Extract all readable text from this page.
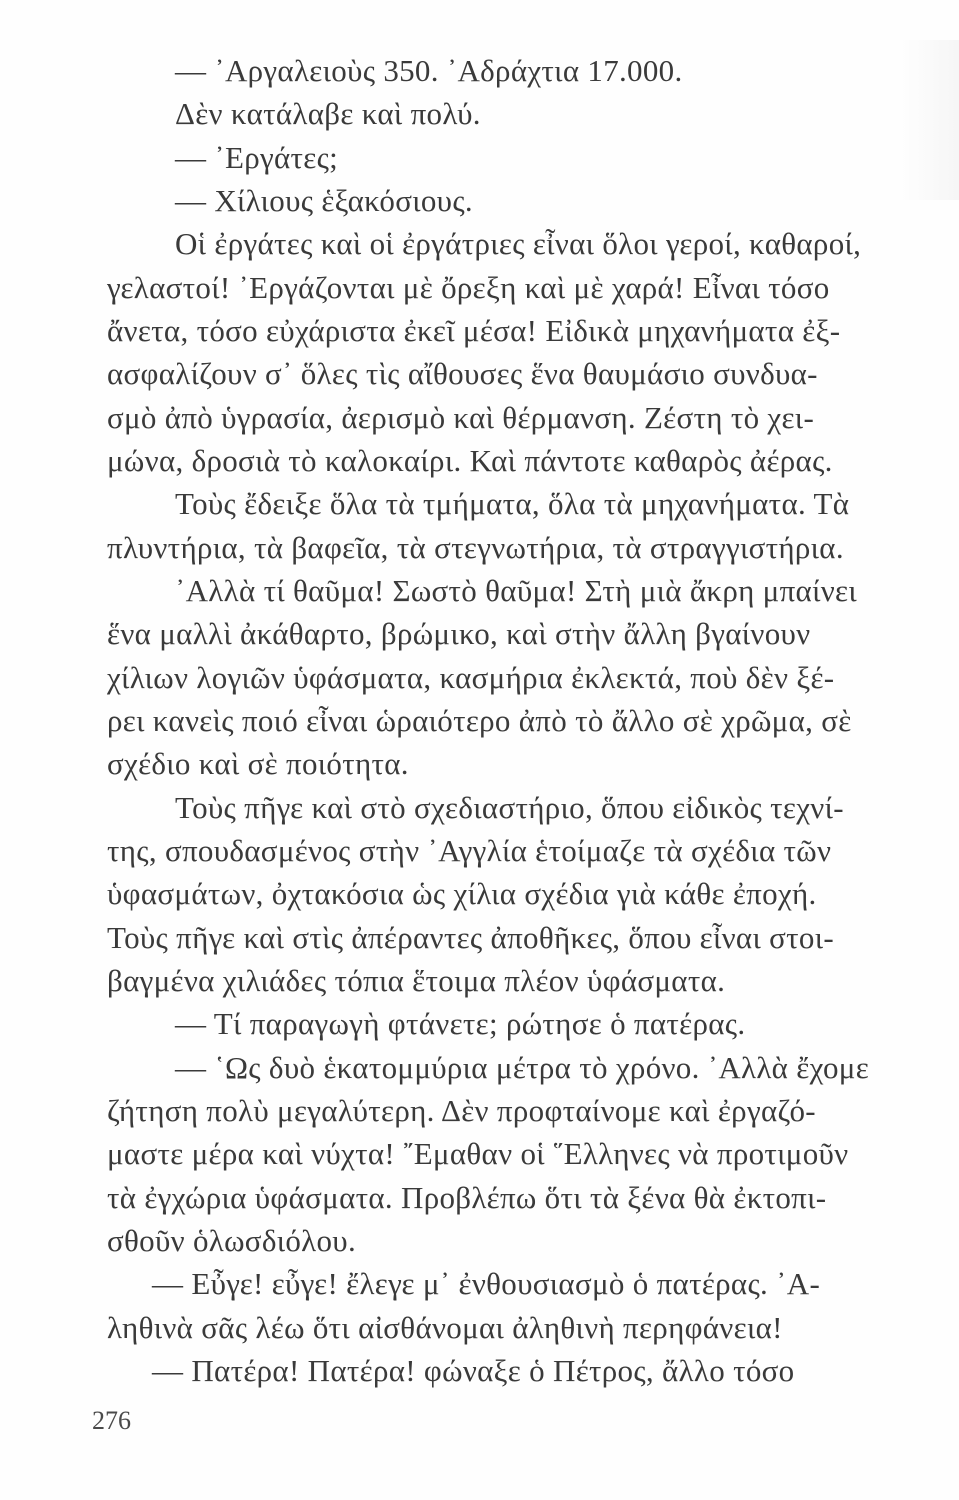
— ᾿Αργαλειοὺς 350. ᾿Αδράχτια 17.000.
Δὲν κατάλαβε καὶ πολύ.
— ᾿Εργάτες;
— Χίλιους ἑξακόσιους.
Οἱ ἐργάτες καὶ οἱ ἐργάτριες εἶναι ὅλοι γεροί, καθαροί,
γελαστοί! ᾿Εργάζονται μὲ ὄρεξη καὶ μὲ χαρά! Εἶναι τόσο
ἄνετα, τόσο εὐχάριστα ἐκεῖ μέσα! Εἰδικὰ μηχανήματα ἐξ-
ασφαλίζουν σ᾿ ὅλες τὶς αἴθουσες ἕνα θαυμάσιο συνδυα-
σμὸ ἀπὸ ὑγρασία, ἀερισμὸ καὶ θέρμανση. Ζέστη τὸ χει-
μώνα, δροσιὰ τὸ καλοκαίρι. Καὶ πάντοτε καθαρὸς ἀέρας.
Τοὺς ἔδειξε ὅλα τὰ τμήματα, ὅλα τὰ μηχανήματα. Τὰ
πλυντήρια, τὰ βαφεῖα, τὰ στεγνωτήρια, τὰ στραγγιστήρια.
᾿Αλλὰ τί θαῦμα! Σωστὸ θαῦμα! Στὴ μιὰ ἄκρη μπαίνει
ἕνα μαλλὶ ἀκάθαρτο, βρώμικο, καὶ στὴν ἄλλη βγαίνουν
χίλιων λογιῶν ὑφάσματα, κασμήρια ἐκλεκτά, ποὺ δὲν ξέ-
ρει κανεὶς ποιό εἶναι ὡραιότερο ἀπὸ τὸ ἄλλο σὲ χρῶμα, σὲ
σχέδιο καὶ σὲ ποιότητα.
Τοὺς πῆγε καὶ στὸ σχεδιαστήριο, ὅπου εἰδικὸς τεχνί-
της, σπουδασμένος στὴν ᾿Αγγλία ἑτοίμαζε τὰ σχέδια τῶν
ὑφασμάτων, ὀχτακόσια ὡς χίλια σχέδια γιὰ κάθε ἐποχή.
Τοὺς πῆγε καὶ στὶς ἀπέραντες ἀποθῆκες, ὅπου εἶναι στοι-
βαγμένα χιλιάδες τόπια ἕτοιμα πλέον ὑφάσματα.
— Τί παραγωγὴ φτάνετε; ρώτησε ὁ πατέρας.
— ῾Ως δυὸ ἑκατομμύρια μέτρα τὸ χρόνο. ᾿Αλλὰ ἔχομε
ζήτηση πολὺ μεγαλύτερη. Δὲν προφταίνομε καὶ ἐργαζό-
μαστε μέρα καὶ νύχτα! ῎Εμαθαν οἱ ῞Ελληνες νὰ προτιμοῦν
τὰ ἐγχώρια ὑφάσματα. Προβλέπω ὅτι τὰ ξένα θὰ ἐκτοπι-
σθοῦν ὁλωσδιόλου.
— Εὖγε! εὖγε! ἔλεγε μ᾿ ἐνθουσιασμὸ ὁ πατέρας. ᾿Α-
ληθινὰ σᾶς λέω ὅτι αἰσθάνομαι ἀληθινὴ περηφάνεια!
— Πατέρα! Πατέρα! φώναξε ὁ Πέτρος, ἄλλο τόσο
276
